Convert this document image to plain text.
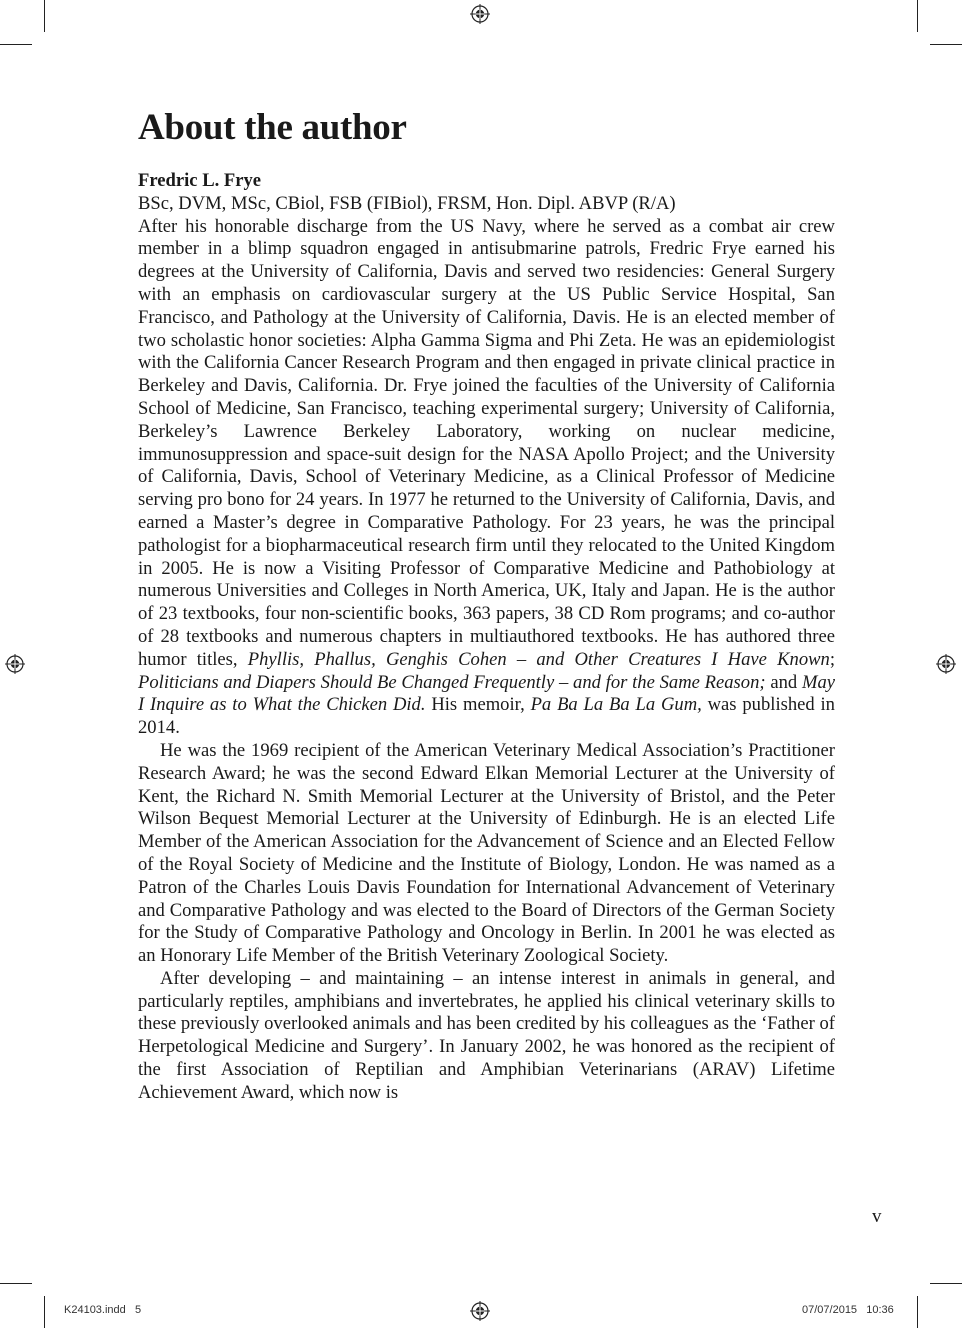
About the author
Fredric L. Frye
BSc, DVM, MSc, CBiol, FSB (FIBiol), FRSM, Hon. Dipl. ABVP (R/A)

After his honorable discharge from the US Navy, where he served as a combat air crew member in a blimp squadron engaged in antisubmarine patrols, Fredric Frye earned his degrees at the University of California, Davis and served two residencies: General Surgery with an emphasis on cardiovascular surgery at the US Public Service Hospital, San Francisco, and Pathology at the University of California, Davis. He is an elected member of two scholastic honor societies: Alpha Gamma Sigma and Phi Zeta. He was an epidemiologist with the California Cancer Research Program and then engaged in private clinical practice in Berkeley and Davis, California. Dr. Frye joined the faculties of the University of California School of Medicine, San Francisco, teaching experimental surgery; University of California, Berkeley’s Lawrence Berkeley Laboratory, working on nuclear medicine, immunosuppression and space-suit design for the NASA Apollo Project; and the University of California, Davis, School of Veterinary Medicine, as a Clinical Professor of Medicine serving pro bono for 24 years. In 1977 he returned to the University of California, Davis, and earned a Master’s degree in Comparative Pathology. For 23 years, he was the principal pathologist for a biopharmaceutical research firm until they relocated to the United Kingdom in 2005. He is now a Visiting Professor of Comparative Medicine and Pathobiology at numerous Universities and Colleges in North America, UK, Italy and Japan. He is the author of 23 textbooks, four non-scientific books, 363 papers, 38 CD Rom programs; and co-author of 28 textbooks and numerous chapters in multiauthored textbooks. He has authored three humor titles, Phyllis, Phallus, Genghis Cohen – and Other Creatures I Have Known; Politicians and Diapers Should Be Changed Frequently – and for the Same Reason; and May I Inquire as to What the Chicken Did. His memoir, Pa Ba La Ba La Gum, was published in 2014.

He was the 1969 recipient of the American Veterinary Medical Association’s Practitioner Research Award; he was the second Edward Elkan Memorial Lecturer at the University of Kent, the Richard N. Smith Memorial Lecturer at the University of Bristol, and the Peter Wilson Bequest Memorial Lecturer at the University of Edinburgh. He is an elected Life Member of the American Association for the Advancement of Science and an Elected Fellow of the Royal Society of Medicine and the Institute of Biology, London. He was named as a Patron of the Charles Louis Davis Foundation for International Advancement of Veterinary and Comparative Pathology and was elected to the Board of Directors of the German Society for the Study of Comparative Pathology and Oncology in Berlin. In 2001 he was elected as an Honorary Life Member of the British Veterinary Zoological Society.

After developing – and maintaining – an intense interest in animals in general, and particularly reptiles, amphibians and invertebrates, he applied his clinical veterinary skills to these previously overlooked animals and has been credited by his colleagues as the ‘Father of Herpetological Medicine and Surgery’. In January 2002, he was honored as the recipient of the first Association of Reptilian and Amphibian Veterinarians (ARAV) Lifetime Achievement Award, which now is

v
K24103.indd   5	07/07/2015   10:36
